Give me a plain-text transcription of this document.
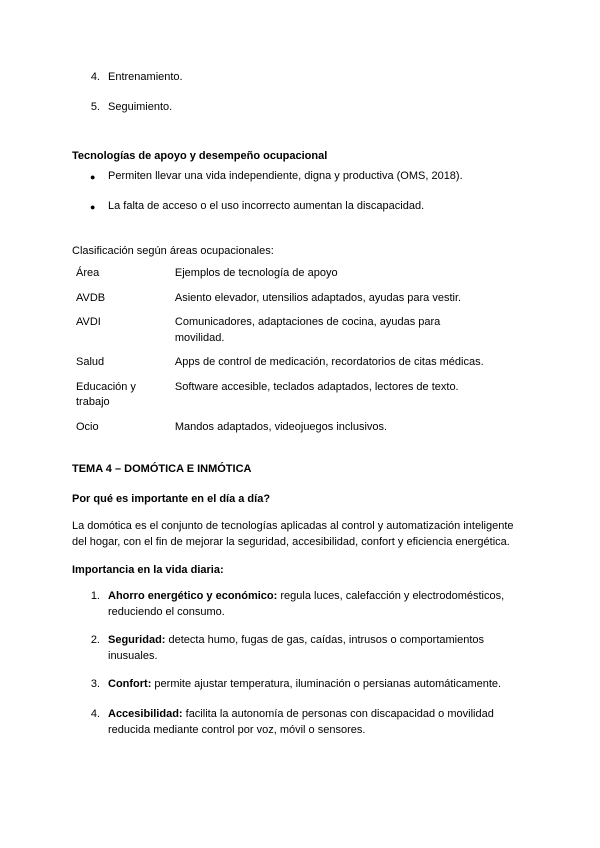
4. Entrenamiento.
5. Seguimiento.
Tecnologías de apoyo y desempeño ocupacional
● Permiten llevar una vida independiente, digna y productiva (OMS, 2018).
● La falta de acceso o el uso incorrecto aumentan la discapacidad.
Clasificación según áreas ocupacionales:
Área	Ejemplos de tecnología de apoyo
AVDB	Asiento elevador, utensilios adaptados, ayudas para vestir.
AVDI	Comunicadores, adaptaciones de cocina, ayudas para movilidad.
Salud	Apps de control de medicación, recordatorios de citas médicas.
Educación y trabajo	Software accesible, teclados adaptados, lectores de texto.
Ocio	Mandos adaptados, videojuegos inclusivos.
TEMA 4 – DOMÓTICA E INMÓTICA
Por qué es importante en el día a día?
La domótica es el conjunto de tecnologías aplicadas al control y automatización inteligente del hogar, con el fin de mejorar la seguridad, accesibilidad, confort y eficiencia energética.
Importancia en la vida diaria:
1. Ahorro energético y económico: regula luces, calefacción y electrodomésticos, reduciendo el consumo.
2. Seguridad: detecta humo, fugas de gas, caídas, intrusos o comportamientos inusuales.
3. Confort: permite ajustar temperatura, iluminación o persianas automáticamente.
4. Accesibilidad: facilita la autonomía de personas con discapacidad o movilidad reducida mediante control por voz, móvil o sensores.
